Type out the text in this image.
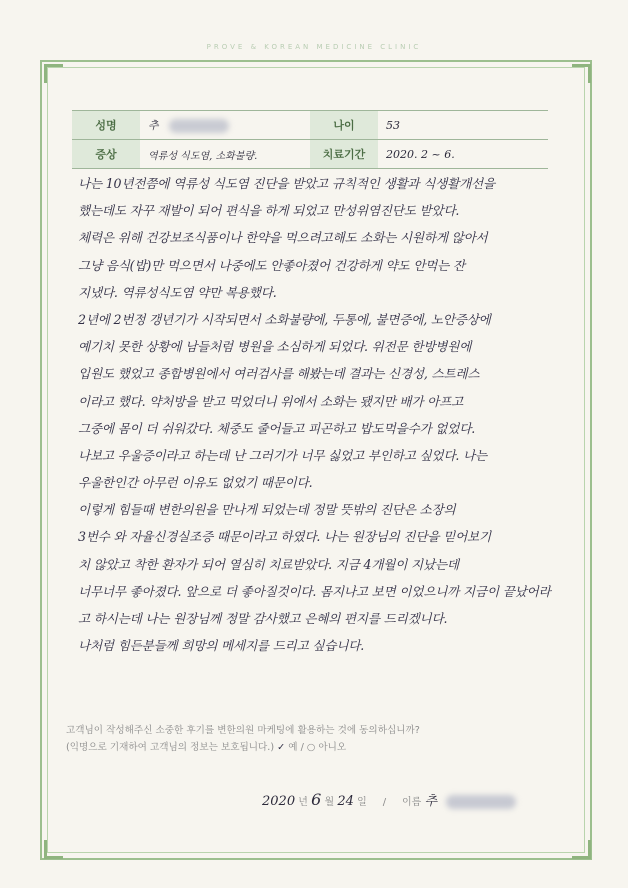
PROVE & KOREAN MEDICINE CLINIC
성명	추	나이	53
증상	역류성 식도염, 소화불량.	치료기간	2020. 2 ~ 6.
나는 10년전쯤에 역류성 식도염 진단을 받았고 규칙적인 생활과 식생활개선을
했는데도 자꾸 재발이 되어 편식을 하게 되었고 만성위염진단도 받았다.
체력은 위해 건강보조식품이나 한약을 먹으려고해도 소화는 시원하게 않아서
그냥 음식(밥)만 먹으면서 나중에도 안좋아졌어 건강하게 약도 안먹는 잔
지냈다. 역류성식도염 약만 복용했다.
2년에 2번정 갱년기가 시작되면서 소화불량에, 두통에, 불면증에, 노안증상에
예기치 못한 상황에 남들처럼 병원을 소심하게 되었다. 위전문 한방병원에
입원도 했었고 종합병원에서 여러검사를 해봤는데 결과는 신경성, 스트레스
이라고 했다. 약처방을 받고 먹었더니 위에서 소화는 됐지만 배가 아프고
그중에 몸이 더 쉬워갔다. 체중도 줄어들고 피곤하고 밥도먹을수가 없었다.
나보고 우울증이라고 하는데 난 그러기가 너무 싫었고 부인하고 싶었다. 나는
우울한인간 아무런 이유도 없었기 때문이다.
이렇게 힘들때 변한의원을 만나게 되었는데 정말 뜻밖의 진단은 소장의
3번수 와 자율신경실조증 때문이라고 하였다. 나는 원장님의 진단을 믿어보기
치 않았고 착한 환자가 되어 열심히 치료받았다. 지금 4개월이 지났는데
너무너무 좋아졌다. 앞으로 더 좋아질것이다. 몸지나고 보면 이었으니까 지금이 끝났어라
고 하시는데 나는 원장님께 정말 감사했고 은혜의 편지를 드리겠니다.
나처럼 힘든분들께 희망의 메세지를 드리고 싶습니다.
고객님이 작성해주신 소중한 후기를 변한의원 마케팅에 활용하는 것에 동의하십니까?
(익명으로 기재하여 고객님의 정보는 보호됩니다.) ✓ 예 / ○ 아니오
2020 년 6 월 24 일 / 이름 추
